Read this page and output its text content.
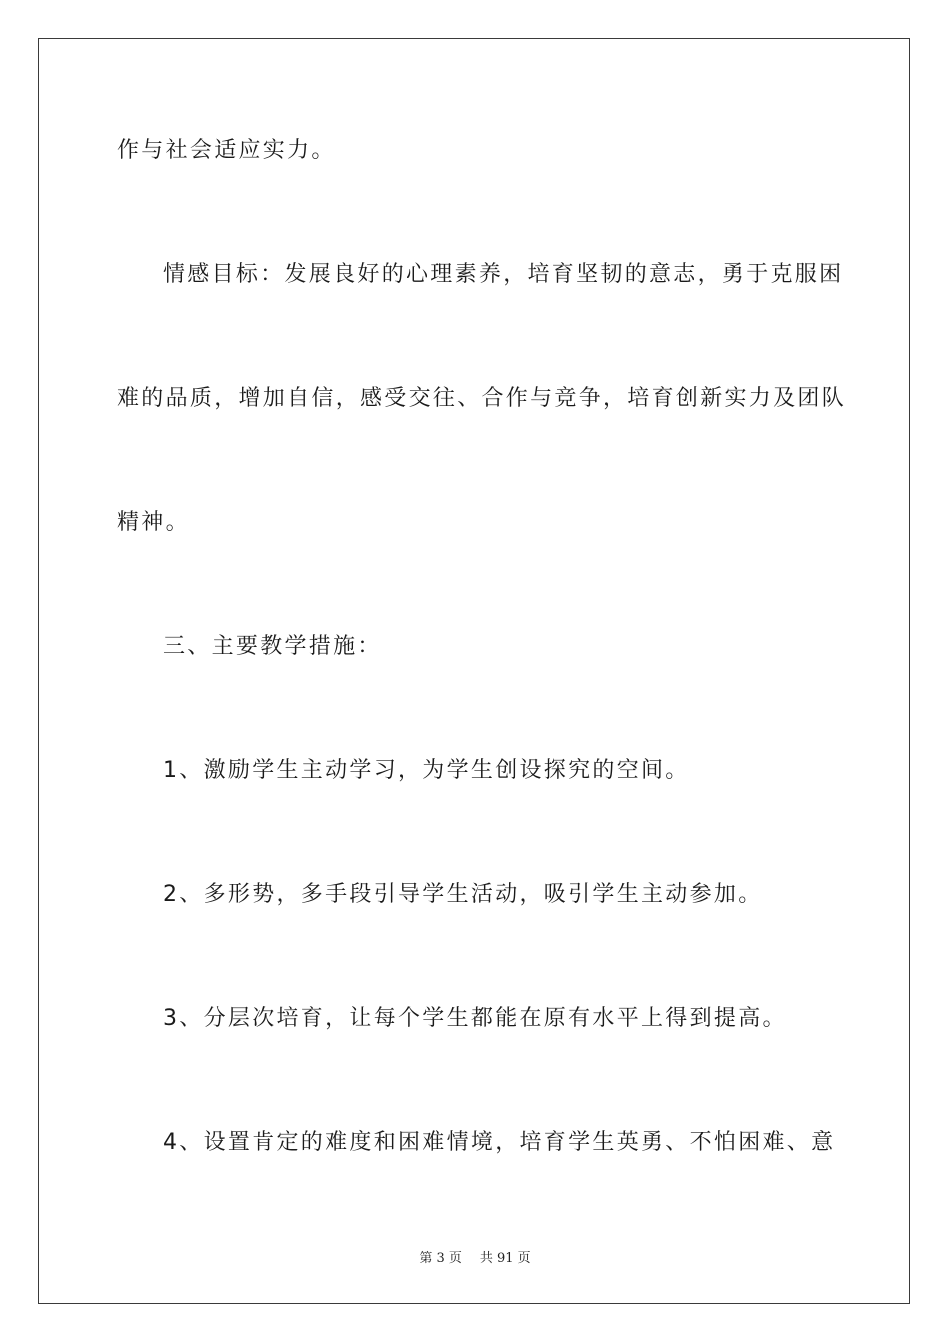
作与社会适应实力。
情感目标：发展良好的心理素养，培育坚韧的意志，勇于克服困
难的品质，增加自信，感受交往、合作与竞争，培育创新实力及团队
精神。
三、主要教学措施：
1、激励学生主动学习，为学生创设探究的空间。
2、多形势，多手段引导学生活动，吸引学生主动参加。
3、分层次培育，让每个学生都能在原有水平上得到提高。
4、设置肯定的难度和困难情境，培育学生英勇、不怕困难、意
第 3 页 共 91 页
